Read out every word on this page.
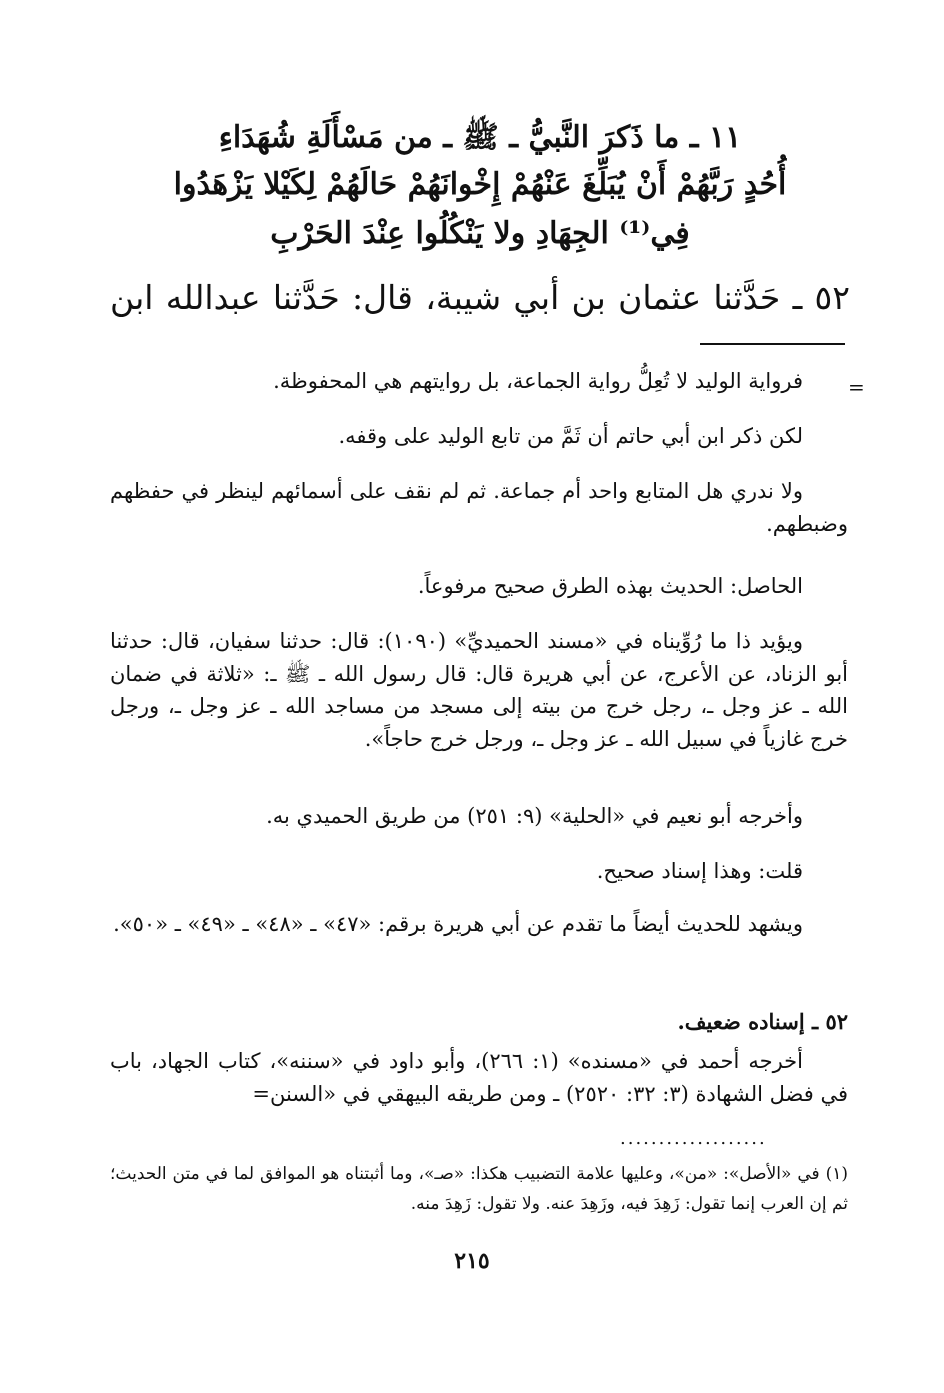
١١ ـ ما ذَكرَ النَّبيُّ ـ ﷺ ـ من مَسْأَلَةِ شُهَدَاءِ
أُحُدٍ رَبَّهُمْ أَنْ يُبَلِّغَ عَنْهُمْ إِخْوانَهُمْ حَالَهُمْ لِكَيْلا يَزْهَدُوا
فِي⁽¹⁾ الجِهَادِ ولا يَنْكُلُوا عِنْدَ الحَرْبِ
٥٢ ـ حَدَّثنا عثمان بن أبي شيبة، قال: حَدَّثنا عبدالله ابن
=
فرواية الوليد لا تُعِلُّ رواية الجماعة، بل روايتهم هي المحفوظة.
لكن ذكر ابن أبي حاتم أن ثَمَّ من تابع الوليد على وقفه.
ولا ندري هل المتابع واحد أم جماعة. ثم لم نقف على أسمائهم لينظر في حفظهم وضبطهم.
الحاصل: الحديث بهذه الطرق صحيح مرفوعاً.
ويؤيد ذا ما رُوِّيناه في «مسند الحميديِّ» (١٠٩٠): قال: حدثنا سفيان، قال: حدثنا أبو الزناد، عن الأعرج، عن أبي هريرة قال: قال رسول الله ـ ﷺ ـ: «ثلاثة في ضمان الله ـ عز وجل ـ، رجل خرج من بيته إلى مسجد من مساجد الله ـ عز وجل ـ، ورجل خرج غازياً في سبيل الله ـ عز وجل ـ، ورجل خرج حاجاً».
وأخرجه أبو نعيم في «الحلية» (٩: ٢٥١) من طريق الحميدي به.
قلت: وهذا إسناد صحيح.
ويشهد للحديث أيضاً ما تقدم عن أبي هريرة برقم: «٤٧» ـ «٤٨» ـ «٤٩» ـ «٥٠».
٥٢ ـ إسناده ضعيف.
أخرجه أحمد في «مسنده» (١: ٢٦٦)، وأبو داود في «سننه»، كتاب الجهاد، باب في فضل الشهادة (٣: ٣٢: ٢٥٢٠) ـ ومن طريقه البيهقي في «السنن=
...................
(١) في «الأصل»: «من»، وعليها علامة التضبيب هكذا: «صـ»، وما أثبتناه هو الموافق لما في متن الحديث؛ ثم إن العرب إنما تقول: زَهِدَ فيه، وزَهِدَ عنه. ولا تقول: زَهِدَ منه.
٢١٥
